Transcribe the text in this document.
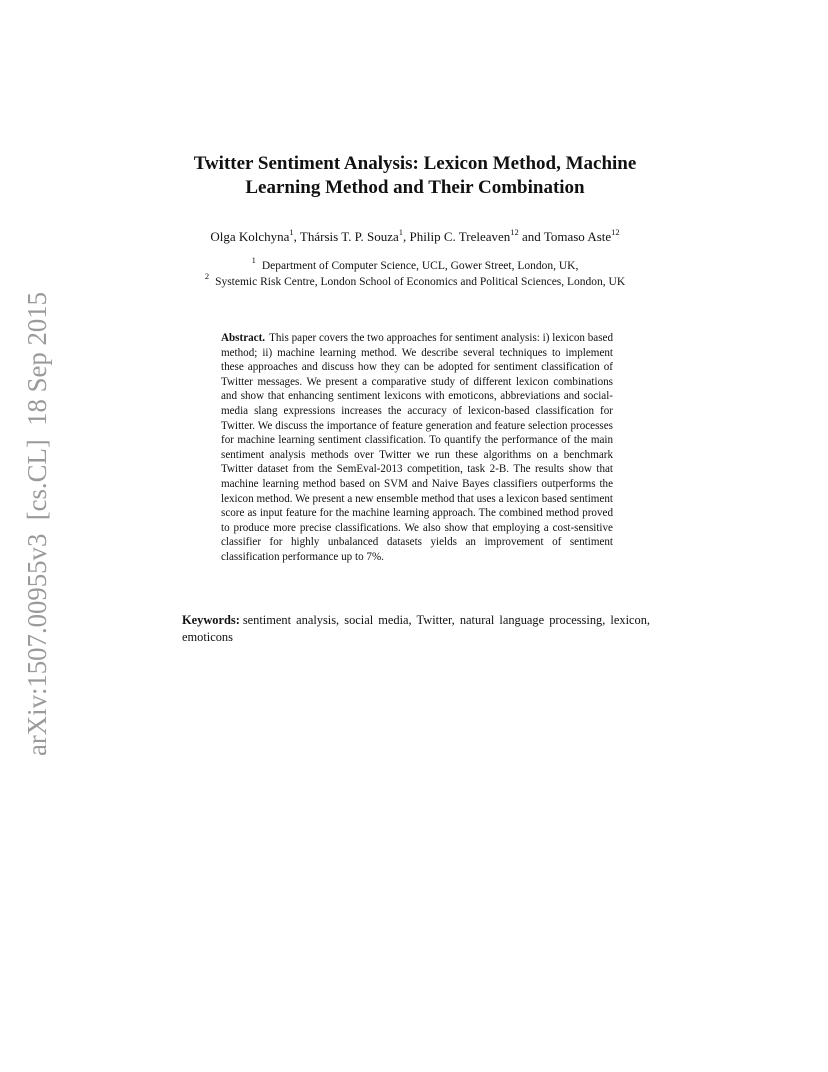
arXiv:1507.00955v3  [cs.CL]  18 Sep 2015
Twitter Sentiment Analysis: Lexicon Method, Machine
Learning Method and Their Combination
Olga Kolchyna$^1$, Thársis T. P. Souza$^1$, Philip C. Treleaven$^{12}$ and Tomaso Aste$^{12}$
$^1$ Department of Computer Science, UCL, Gower Street, London, UK,
$^2$ Systemic Risk Centre, London School of Economics and Political Sciences, London, UK

Abstract. This paper covers the two approaches for sentiment analysis: i) lexicon based method; ii) machine learning method. We describe several techniques to implement these approaches and discuss how they can be adopted for sentiment classification of Twitter messages. We present a comparative study of different lexicon combinations and show that enhancing sentiment lexicons with emoticons, abbreviations and social-media slang expressions increases the accuracy of lexicon-based classification for Twitter. We discuss the importance of feature generation and feature selection processes for machine learning sentiment classification. To quantify the performance of the main sentiment analysis methods over Twitter we run these algorithms on a benchmark Twitter dataset from the SemEval-2013 competition, task 2-B. The results show that machine learning method based on SVM and Naive Bayes classifiers outperforms the lexicon method. We present a new ensemble method that uses a lexicon based sentiment score as input feature for the machine learning approach. The combined method proved to produce more precise classifications. We also show that employing a cost-sensitive classifier for highly unbalanced datasets yields an improvement of sentiment classification performance up to 7%.

Keywords: sentiment analysis, social media, Twitter, natural language processing, lexicon, emoticons
